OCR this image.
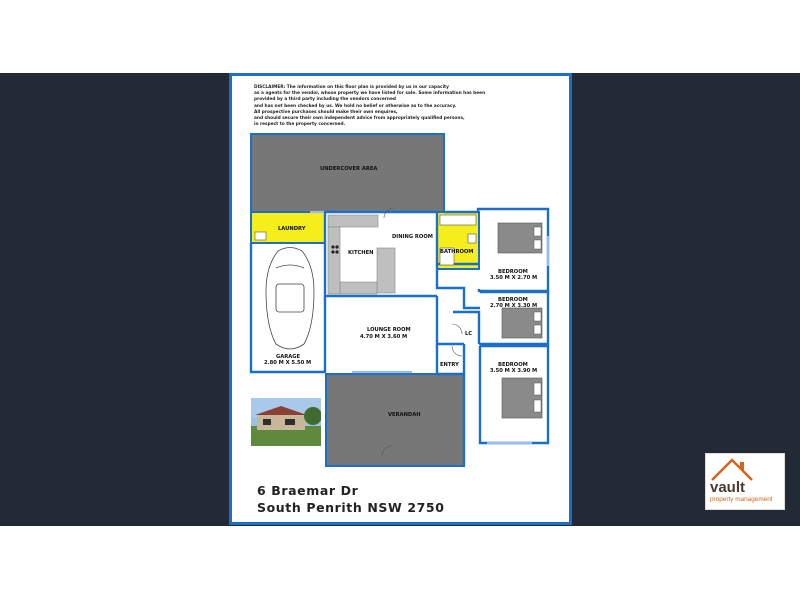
DISCLAIMER: The information on this floor plan is provided by us in our capacity
as a agents for the vendor, whose property we have listed for sale. Some information has been
provided by a third party including the vendors concerned
and has not been checked by us. We hold no belief or otherwise as to the accuracy.
All prospective purchases should make their own enquires,
and should secure their own independent advice from appropriately qualified persons,
in respect to the property concerned.
UNDERCOVER AREA
LAUNDRY
KITCHEN
DINING ROOM
BATHROOM
BEDROOM
3.50 M X 2.70 M
BEDROOM
2.70 M X 3.30 M
LOUNGE ROOM
4.70 M X 3.60 M
GARAGE
2.80 M X 5.50 M
LC
ENTRY	BEDROOM
3.50 M X 3.90 M
VERANDAH
6 Braemar Dr
South Penrith NSW 2750
vault
property management
